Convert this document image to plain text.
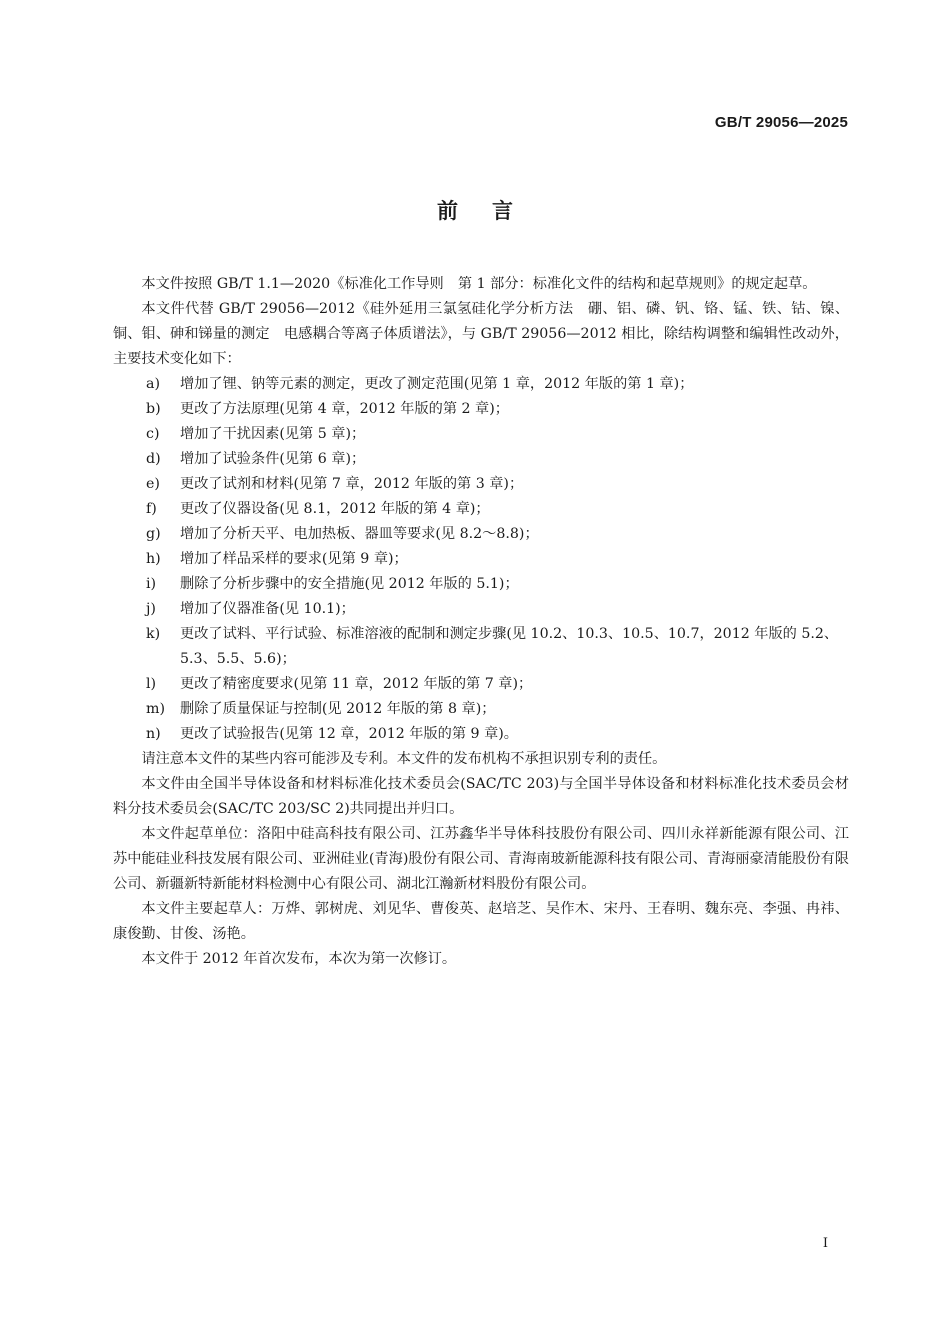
GB/T 29056—2025
前言

本文件按照 GB/T 1.1—2020《标准化工作导则　第 1 部分：标准化文件的结构和起草规则》的规定起草。

本文件代替 GB/T 29056—2012《硅外延用三氯氢硅化学分析方法　硼、铝、磷、钒、铬、锰、铁、钴、镍、铜、钼、砷和锑量的测定　电感耦合等离子体质谱法》，与 GB/T 29056—2012 相比，除结构调整和编辑性改动外，主要技术变化如下：

a)	增加了锂、钠等元素的测定，更改了测定范围(见第 1 章，2012 年版的第 1 章)；
b)	更改了方法原理(见第 4 章，2012 年版的第 2 章)；
c)	增加了干扰因素(见第 5 章)；
d)	增加了试验条件(见第 6 章)；
e)	更改了试剂和材料(见第 7 章，2012 年版的第 3 章)；
f)	更改了仪器设备(见 8.1，2012 年版的第 4 章)；
g)	增加了分析天平、电加热板、器皿等要求(见 8.2～8.8)；
h)	增加了样品采样的要求(见第 9 章)；
i)	删除了分析步骤中的安全措施(见 2012 年版的 5.1)；
j)	增加了仪器准备(见 10.1)；
k)	更改了试料、平行试验、标准溶液的配制和测定步骤(见 10.2、10.3、10.5、10.7，2012 年版的 5.2、5.3、5.5、5.6)；
l)	更改了精密度要求(见第 11 章，2012 年版的第 7 章)；
m)	删除了质量保证与控制(见 2012 年版的第 8 章)；
n)	更改了试验报告(见第 12 章，2012 年版的第 9 章)。

请注意本文件的某些内容可能涉及专利。本文件的发布机构不承担识别专利的责任。

本文件由全国半导体设备和材料标准化技术委员会(SAC/TC 203)与全国半导体设备和材料标准化技术委员会材料分技术委员会(SAC/TC 203/SC 2)共同提出并归口。

本文件起草单位：洛阳中硅高科技有限公司、江苏鑫华半导体科技股份有限公司、四川永祥新能源有限公司、江苏中能硅业科技发展有限公司、亚洲硅业(青海)股份有限公司、青海南玻新能源科技有限公司、青海丽豪清能股份有限公司、新疆新特新能材料检测中心有限公司、湖北江瀚新材料股份有限公司。

本文件主要起草人：万烨、郭树虎、刘见华、曹俊英、赵培芝、吴作木、宋丹、王春明、魏东亮、李强、冉祎、康俊勤、甘俊、汤艳。

本文件于 2012 年首次发布，本次为第一次修订。

I
